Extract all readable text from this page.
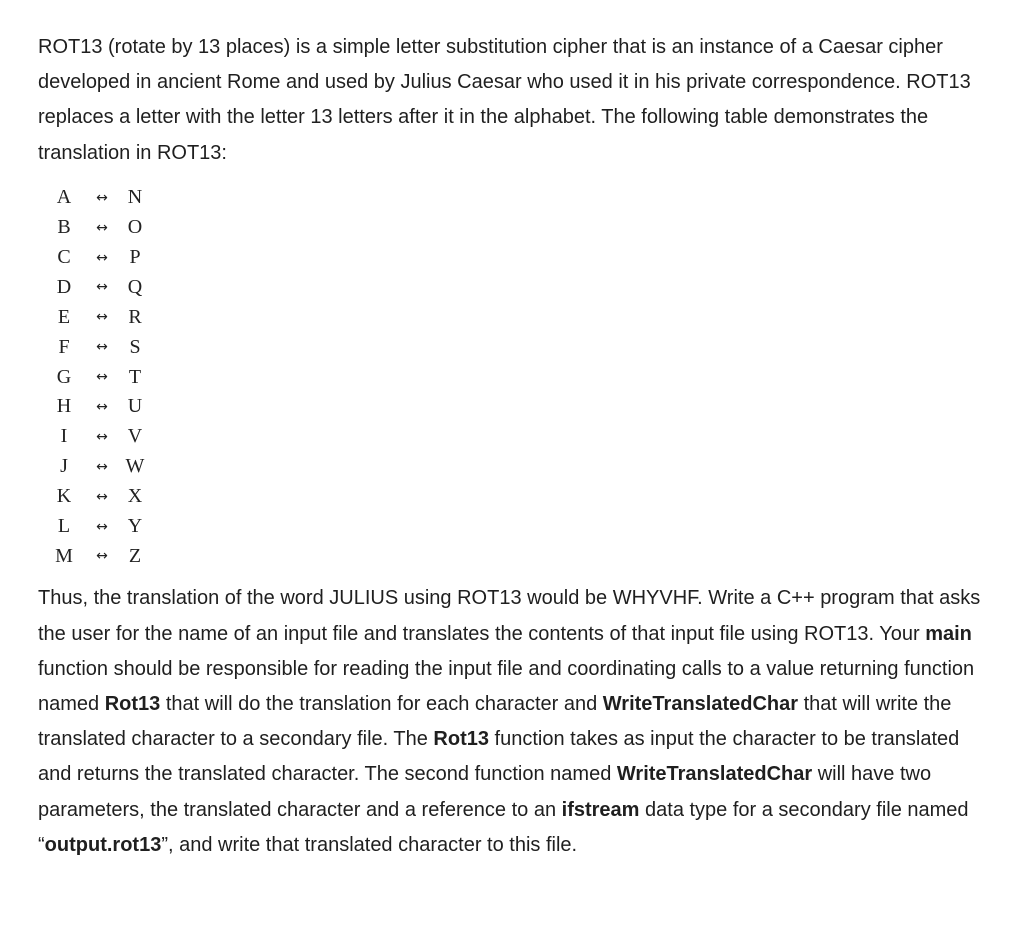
ROT13 (rotate by 13 places) is a simple letter substitution cipher that is an instance of a Caesar cipher developed in ancient Rome and used by Julius Caesar who used it in his private correspondence. ROT13 replaces a letter with the letter 13 letters after it in the alphabet. The following table demonstrates the translation in ROT13:

A	↔ N
B	↔ O
C	↔	P
D	↔ Q
E	↔	R
F	↔	S
G	↔	T
H	↔ U
I	↔ V
J	↔ W
K	↔ X
L	↔ Y
M	↔	Z

Thus, the translation of the word JULIUS using ROT13 would be WHYVHF. Write a C++ program that asks the user for the name of an input file and translates the contents of that input file using ROT13. Your main function should be responsible for reading the input file and coordinating calls to a value returning function named Rot13 that will do the translation for each character and WriteTranslatedChar that will write the translated character to a secondary file. The Rot13 function takes as input the character to be translated and returns the translated character. The second function named WriteTranslatedChar will have two parameters, the translated character and a reference to an ifstream data type for a secondary file named “output.rot13”, and write that translated character to this file.
